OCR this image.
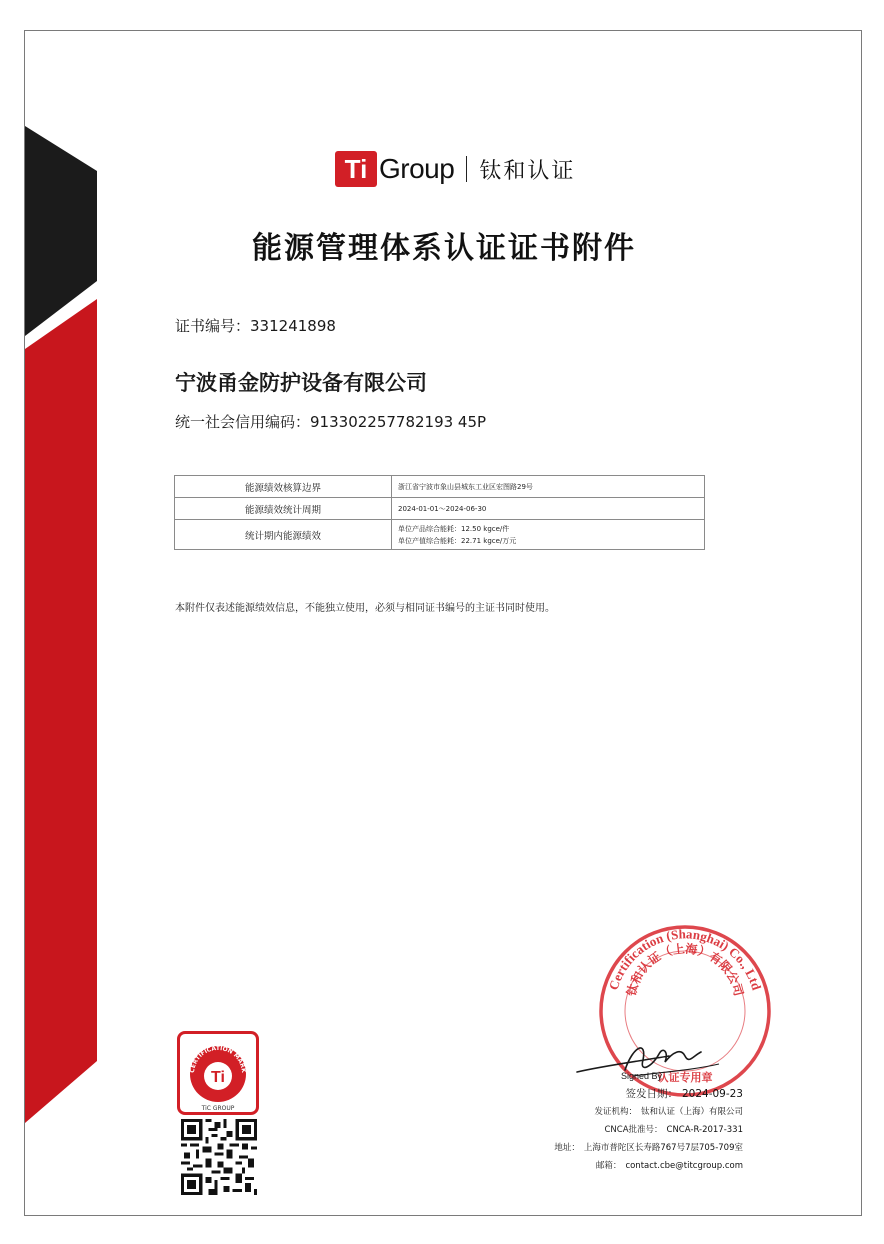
Ti Group 钛和认证
能源管理体系认证证书附件
证书编号：331241898
宁波甬金防护设备有限公司
统一社会信用编码：913302257782193 45P
能源绩效核算边界	浙江省宁波市象山县城东工业区宏图路29号

能源绩效统计周期	2024-01-01～2024-06-30

统计期内能源绩效	单位产品综合能耗：12.50 kgce/件
单位产值综合能耗：22.71 kgce/万元
本附件仅表述能源绩效信息，不能独立使用，必须与相同证书编号的主证书同时使用。
CERTIFICATION MARK
Ti
TiC GROUP
Certification (Shanghai) Co., Ltd
钛和认证（上海）有限公司
认证专用章
Signed By
签发日期： 2024-09-23
发证机构： 钛和认证（上海）有限公司
CNCA批准号： CNCA-R-2017-331
地址： 上海市普陀区长寿路767号7层705-709室
邮箱： contact.cbe@titcgroup.com
